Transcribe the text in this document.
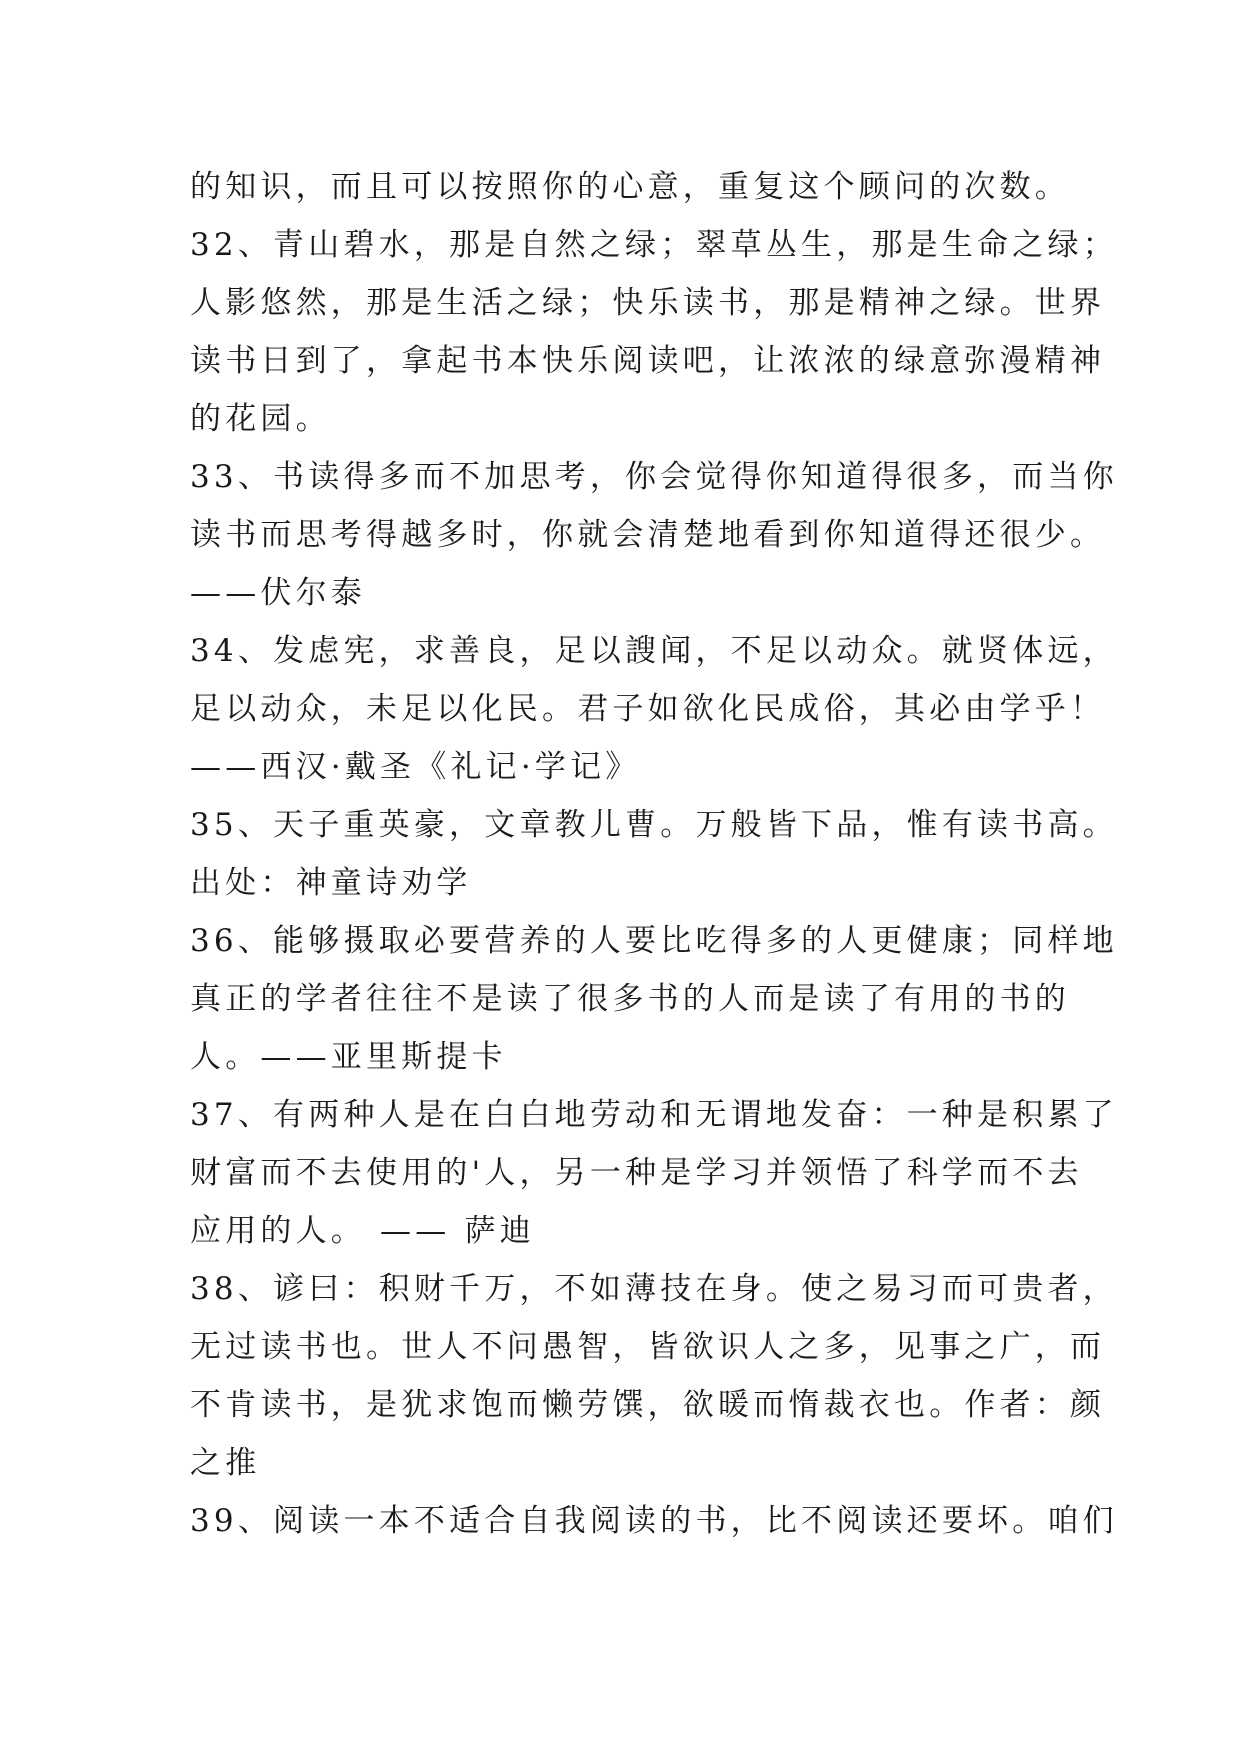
的知识，而且可以按照你的心意，重复这个顾问的次数。
32、青山碧水，那是自然之绿；翠草丛生，那是生命之绿；
人影悠然，那是生活之绿；快乐读书，那是精神之绿。世界
读书日到了，拿起书本快乐阅读吧，让浓浓的绿意弥漫精神
的花园。
33、书读得多而不加思考，你会觉得你知道得很多，而当你
读书而思考得越多时，你就会清楚地看到你知道得还很少。
——伏尔泰
34、发虑宪，求善良，足以謏闻，不足以动众。就贤体远，
足以动众，未足以化民。君子如欲化民成俗，其必由学乎！
——西汉·戴圣《礼记·学记》
35、天子重英豪，文章教儿曹。万般皆下品，惟有读书高。
出处：神童诗劝学
36、能够摄取必要营养的人要比吃得多的人更健康；同样地
真正的学者往往不是读了很多书的人而是读了有用的书的
人。——亚里斯提卡
37、有两种人是在白白地劳动和无谓地发奋：一种是积累了
财富而不去使用的'人，另一种是学习并领悟了科学而不去
应用的人。 —— 萨迪
38、谚曰：积财千万，不如薄技在身。使之易习而可贵者，
无过读书也。世人不问愚智，皆欲识人之多，见事之广，而
不肯读书，是犹求饱而懒劳馔，欲暖而惰裁衣也。作者：颜
之推
39、阅读一本不适合自我阅读的书，比不阅读还要坏。咱们
